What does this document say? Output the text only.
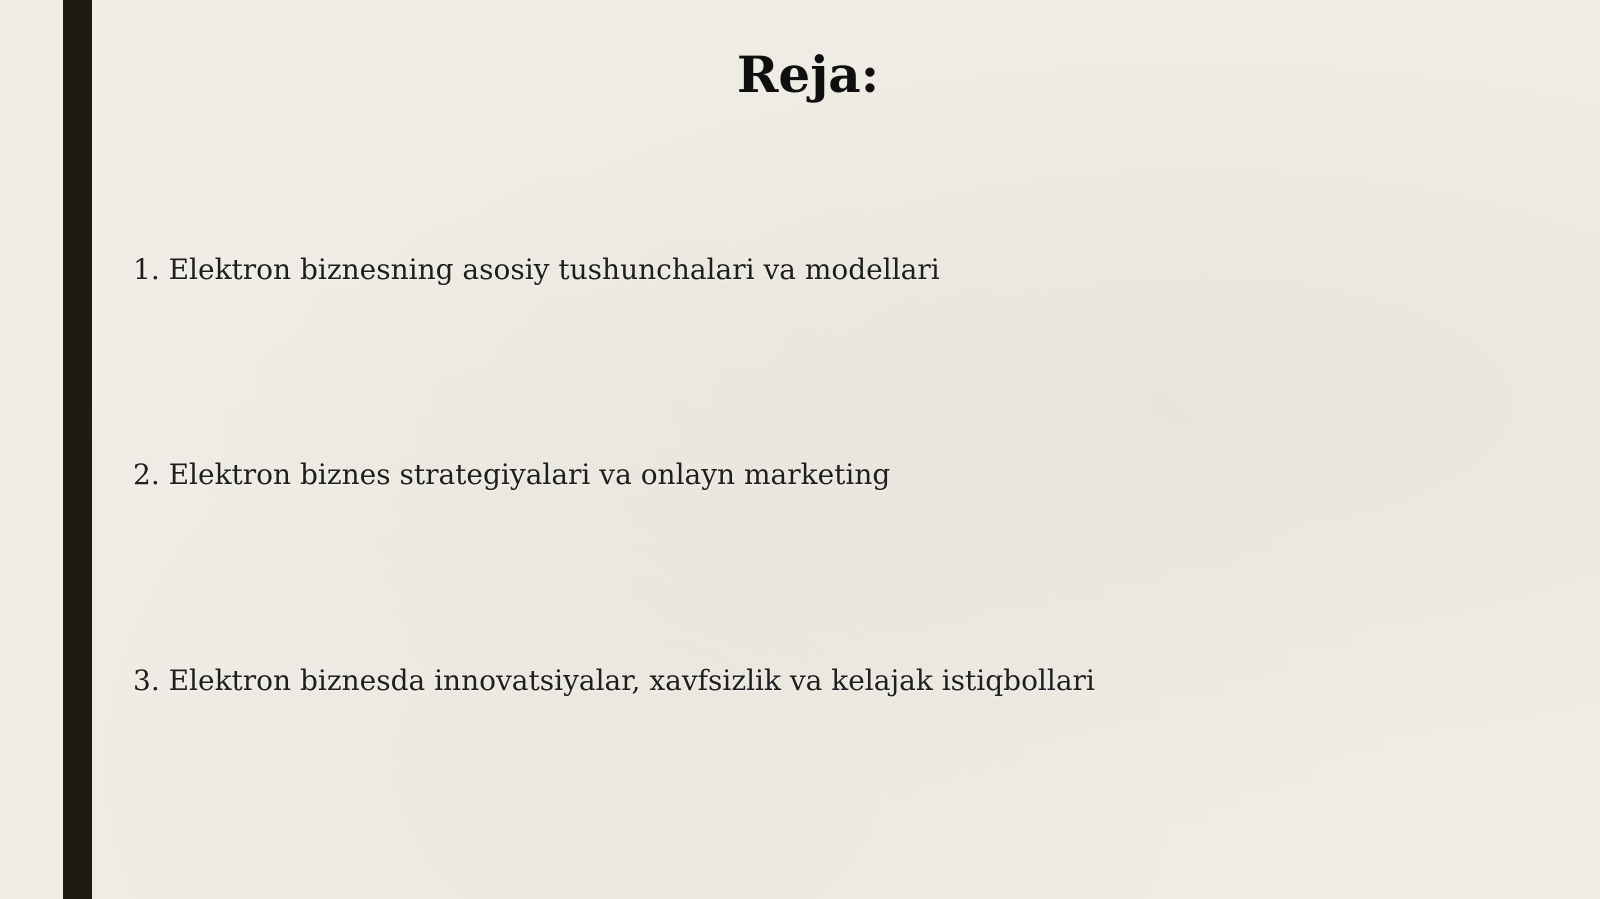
Reja:
1. Elektron biznesning asosiy tushunchalari va modellari
2. Elektron biznes strategiyalari va onlayn marketing
3. Elektron biznesda innovatsiyalar, xavfsizlik va kelajak istiqbollari
